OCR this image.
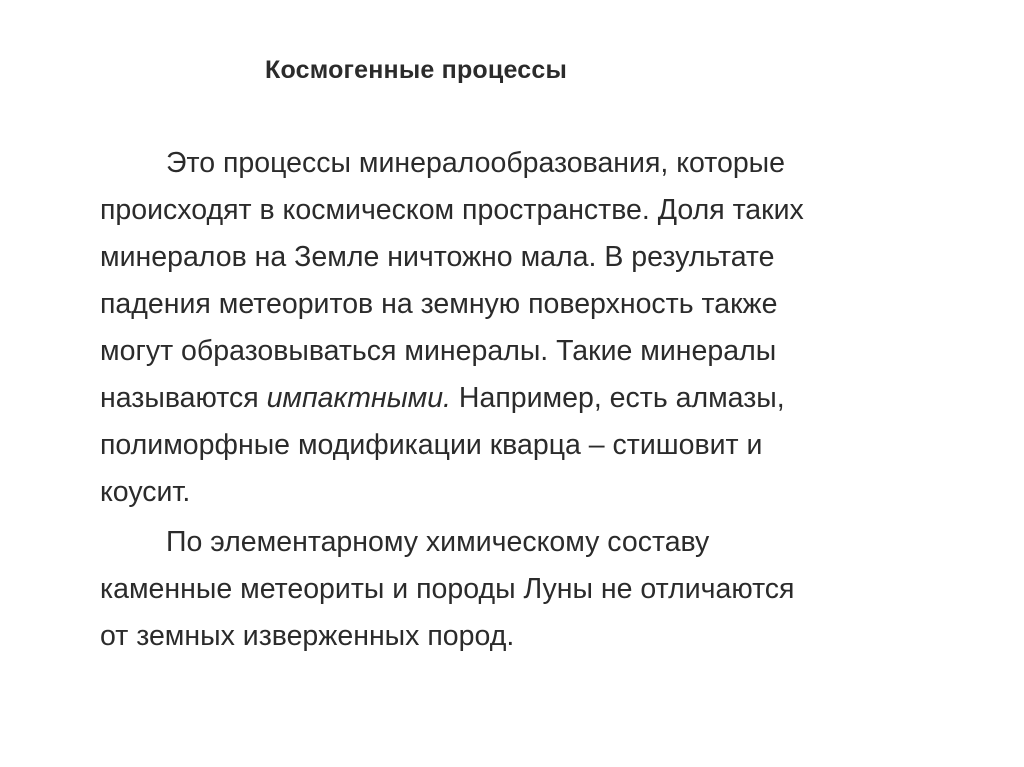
Космогенные процессы
Это процессы минералообразования, которые
происходят в космическом пространстве. Доля таких
минералов на Земле ничтожно мала. В результате
падения метеоритов на земную поверхность также
могут образовываться минералы. Такие минералы
называются импактными. Например, есть алмазы,
полиморфные модификации кварца – стишовит и
коусит.
По элементарному химическому составу
каменные метеориты и породы Луны не отличаются
от земных изверженных пород.
